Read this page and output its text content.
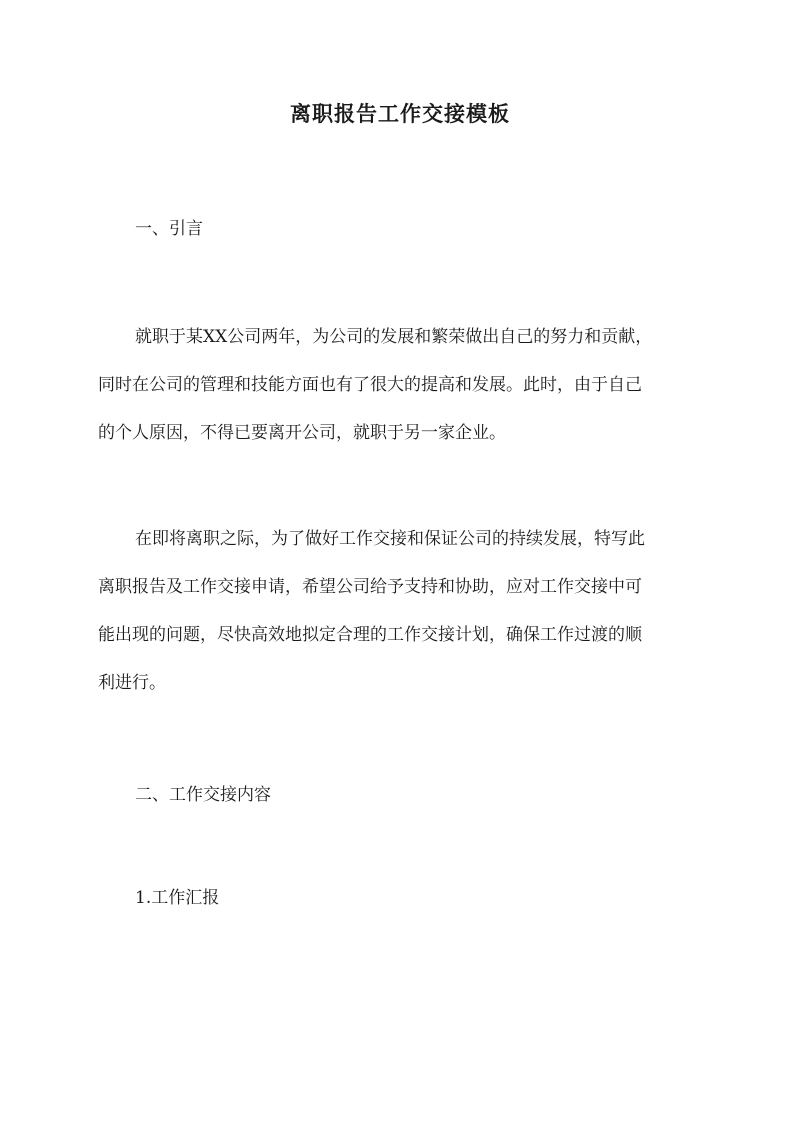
离职报告工作交接模板

一、引言

就职于某XX公司两年，为公司的发展和繁荣做出自己的努力和贡献，
同时在公司的管理和技能方面也有了很大的提高和发展。此时，由于自己
的个人原因，不得已要离开公司，就职于另一家企业。
在即将离职之际，为了做好工作交接和保证公司的持续发展，特写此
离职报告及工作交接申请，希望公司给予支持和协助，应对工作交接中可
能出现的问题，尽快高效地拟定合理的工作交接计划，确保工作过渡的顺
利进行。

二、工作交接内容

1.工作汇报
